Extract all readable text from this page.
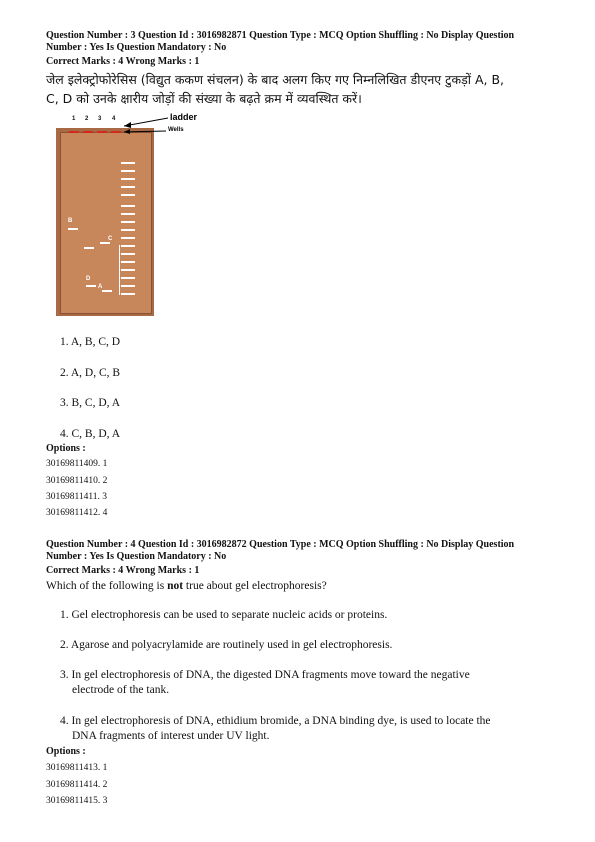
Question Number : 3 Question Id : 3016982871 Question Type : MCQ Option Shuffling : No Display Question
Number : Yes Is Question Mandatory : No
Correct Marks : 4 Wrong Marks : 1
जेल इलेक्ट्रोफोरेसिस (विद्युत ककण संचलन) के बाद अलग किए गए निम्नलिखित डीएनए टुकड़ों A, B,
C, D को उनके क्षारीय जोड़ों की संख्या के बढ़ते क्रम में व्यवस्थित करें।
1 2 3 4	ladder
Wells
B
C
D
A
1. A, B, C, D
2. A, D, C, B
3. B, C, D, A
4. C, B, D, A
Options :
30169811409. 1
30169811410. 2
30169811411. 3
30169811412. 4
Question Number : 4 Question Id : 3016982872 Question Type : MCQ Option Shuffling : No Display Question
Number : Yes Is Question Mandatory : No
Correct Marks : 4 Wrong Marks : 1
Which of the following is not true about gel electrophoresis?
1. Gel electrophoresis can be used to separate nucleic acids or proteins.
2. Agarose and polyacrylamide are routinely used in gel electrophoresis.
3. In gel electrophoresis of DNA, the digested DNA fragments move toward the negative
electrode of the tank.
4. In gel electrophoresis of DNA, ethidium bromide, a DNA binding dye, is used to locate the
DNA fragments of interest under UV light.
Options :
30169811413. 1
30169811414. 2
30169811415. 3
